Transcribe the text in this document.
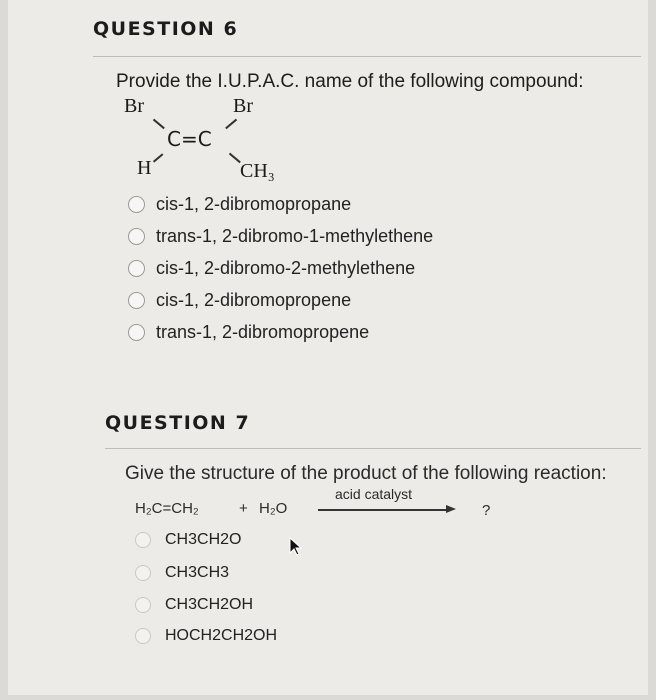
QUESTION 6
Provide the I.U.P.A.C. name of the following compound:
Br	Br
C=C
H	CH₃
cis-1, 2-dibromopropane
trans-1, 2-dibromo-1-methylethene
cis-1, 2-dibromo-2-methylethene
cis-1, 2-dibromopropene
trans-1, 2-dibromopropene
QUESTION 7
Give the structure of the product of the following reaction:
H₂C=CH₂	+ H₂O
acid catalyst
?
CH3CH2O
CH3CH3
CH3CH2OH
HOCH2CH2OH
